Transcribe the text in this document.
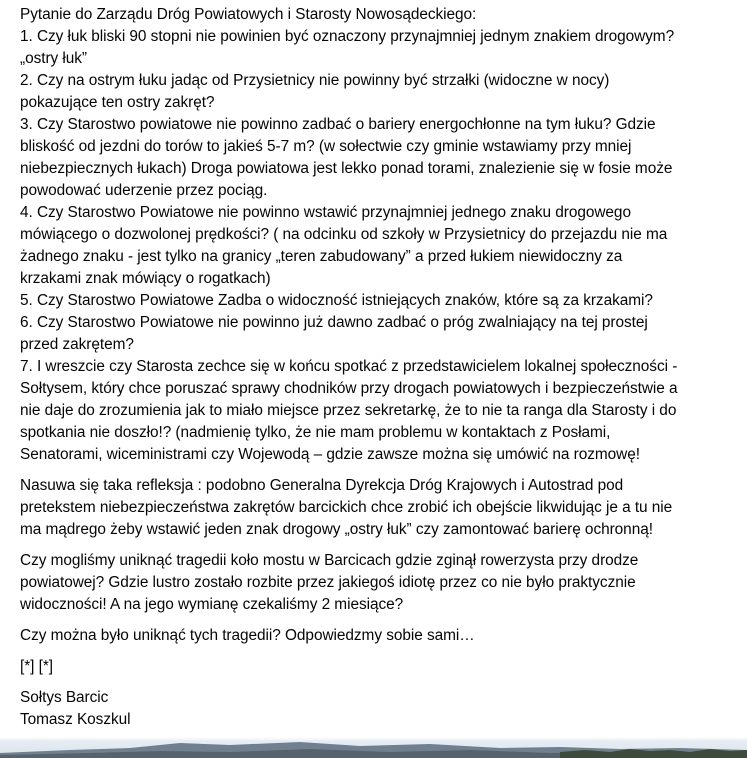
Pytanie do Zarządu Dróg Powiatowych i Starosty Nowosądeckiego:

1. Czy łuk bliski 90 stopni nie powinien być oznaczony przynajmniej jednym znakiem drogowym?
„ostry łuk”

2. Czy na ostrym łuku jadąc od Przysietnicy nie powinny być strzałki (widoczne w nocy)
pokazujące ten ostry zakręt?

3. Czy Starostwo powiatowe nie powinno zadbać o bariery energochłonne na tym łuku? Gdzie
bliskość od jezdni do torów to jakieś 5-7 m? (w sołectwie czy gminie wstawiamy przy mniej
niebezpiecznych łukach) Droga powiatowa jest lekko ponad torami, znalezienie się w fosie może
powodować uderzenie przez pociąg.

4. Czy Starostwo Powiatowe nie powinno wstawić przynajmniej jednego znaku drogowego
mówiącego o dozwolonej prędkości? ( na odcinku od szkoły w Przysietnicy do przejazdu nie ma
żadnego znaku - jest tylko na granicy „teren zabudowany” a przed łukiem niewidoczny za
krzakami znak mówiący o rogatkach)

5. Czy Starostwo Powiatowe Zadba o widoczność istniejących znaków, które są za krzakami?

6. Czy Starostwo Powiatowe nie powinno już dawno zadbać o próg zwalniający na tej prostej
przed zakrętem?

7. I wreszcie czy Starosta zechce się w końcu spotkać z przedstawicielem lokalnej społeczności -
Sołtysem, który chce poruszać sprawy chodników przy drogach powiatowych i bezpieczeństwie a
nie daje do zrozumienia jak to miało miejsce przez sekretarkę, że to nie ta ranga dla Starosty i do
spotkania nie doszło!? (nadmienię tylko, że nie mam problemu w kontaktach z Posłami,
Senatorami, wiceministrami czy Wojewodą – gdzie zawsze można się umówić na rozmowę!

Nasuwa się taka refleksja : podobno Generalna Dyrekcja Dróg Krajowych i Autostrad pod
pretekstem niebezpieczeństwa zakrętów barcickich chce zrobić ich obejście likwidując je a tu nie
ma mądrego żeby wstawić jeden znak drogowy „ostry łuk” czy zamontować barierę ochronną!

Czy mogliśmy uniknąć tragedii koło mostu w Barcicach gdzie zginął rowerzysta przy drodze
powiatowej? Gdzie lustro zostało rozbite przez jakiegoś idiotę przez co nie było praktycznie
widoczności! A na jego wymianę czekaliśmy 2 miesiące?

Czy można było uniknąć tych tragedii? Odpowiedzmy sobie sami…

[*] [*]

Sołtys Barcic

Tomasz Koszkul
